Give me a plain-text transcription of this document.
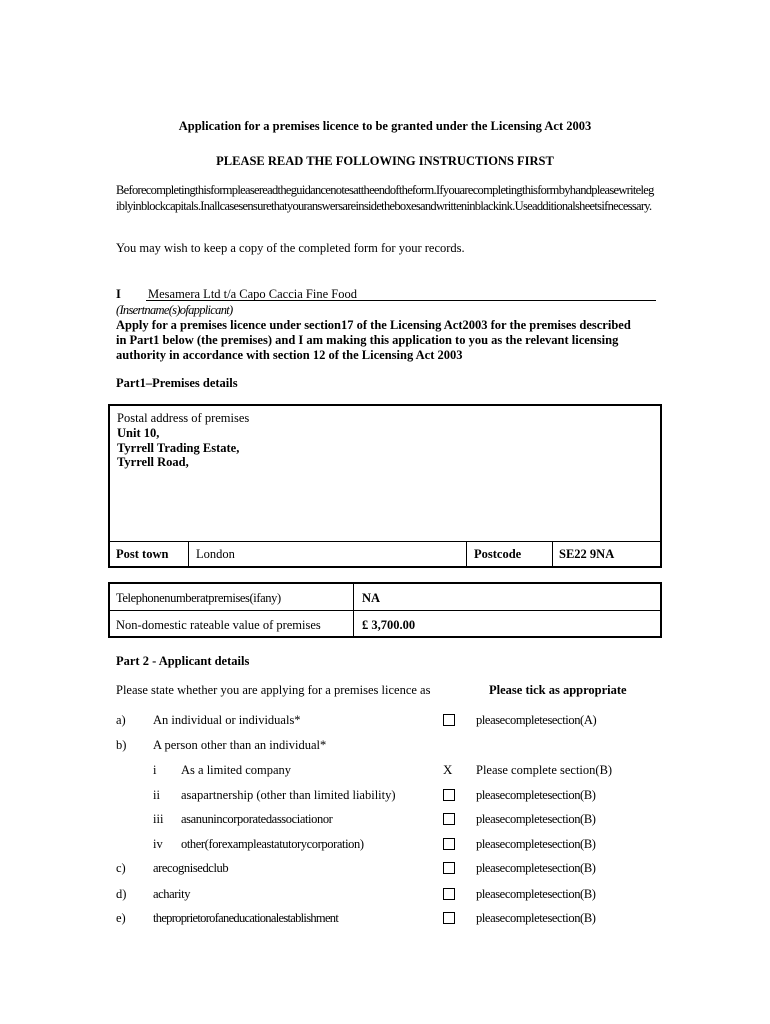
Application for a premises licence to be granted under the Licensing Act 2003
PLEASE READ THE FOLLOWING INSTRUCTIONS FIRST
Beforecompletingthisformpleasereadtheguidancenotesattheendoftheform.Ifyouarecompletingthisformbyhandpleasewritelegiblyinblockcapitals.Inallcasesensurethatyouranswersareinsidetheboxesandwritteninblackink.Useadditionalsheetsifnecessary.
You may wish to keep a copy of the completed form for your records.
I Mesamera Ltd t/a Capo Caccia Fine Food
(Insertname(s)ofapplicant)
Apply for a premises licence under section17 of the Licensing Act2003 for the premises described in Part1 below (the premises) and I am making this application to you as the relevant licensing authority in accordance with section 12 of the Licensing Act 2003
Part1–Premises details
Postal address of premises
Unit 10,
Tyrrell Trading Estate,
Tyrrell Road,
Post town London	Postcode	SE22 9NA
Telephonenumberatpremises(ifany)	NA
Non-domestic rateable value of premises	£ 3,700.00
Part 2 - Applicant details
Please state whether you are applying for a premises licence as	Please tick as appropriate
a) An individual or individuals*	pleasecompletesection(A)
b) A person other than an individual*
i As a limited company	X Please complete section(B)
ii asapartnership (other than limited liability)	pleasecompletesection(B)
iii asanunincorporatedassociationor	pleasecompletesection(B)
iv other(forexampleastatutorycorporation)	pleasecompletesection(B)
c) arecognisedclub	pleasecompletesection(B)
d) acharity	pleasecompletesection(B)
e) theproprietorofaneducationalestablishment	pleasecompletesection(B)
